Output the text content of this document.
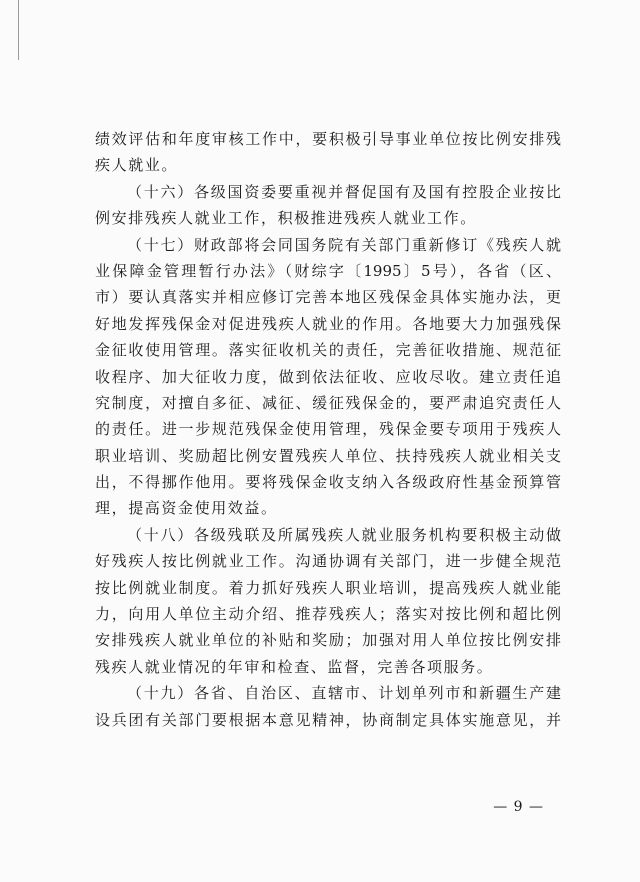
绩效评估和年度审核工作中，要积极引导事业单位按比例安排残
疾人就业。
（十六）各级国资委要重视并督促国有及国有控股企业按比
例安排残疾人就业工作，积极推进残疾人就业工作。
（十七）财政部将会同国务院有关部门重新修订《残疾人就
业保障金管理暂行办法》（财综字〔1995〕5号），各省（区、
市）要认真落实并相应修订完善本地区残保金具体实施办法，更
好地发挥残保金对促进残疾人就业的作用。各地要大力加强残保
金征收使用管理。落实征收机关的责任，完善征收措施、规范征
收程序、加大征收力度，做到依法征收、应收尽收。建立责任追
究制度，对擅自多征、减征、缓征残保金的，要严肃追究责任人
的责任。进一步规范残保金使用管理，残保金要专项用于残疾人
职业培训、奖励超比例安置残疾人单位、扶持残疾人就业相关支
出，不得挪作他用。要将残保金收支纳入各级政府性基金预算管
理，提高资金使用效益。
（十八）各级残联及所属残疾人就业服务机构要积极主动做
好残疾人按比例就业工作。沟通协调有关部门，进一步健全规范
按比例就业制度。着力抓好残疾人职业培训，提高残疾人就业能
力，向用人单位主动介绍、推荐残疾人；落实对按比例和超比例
安排残疾人就业单位的补贴和奖励；加强对用人单位按比例安排
残疾人就业情况的年审和检查、监督，完善各项服务。
（十九）各省、自治区、直辖市、计划单列市和新疆生产建
设兵团有关部门要根据本意见精神，协商制定具体实施意见，并
— 9 —
